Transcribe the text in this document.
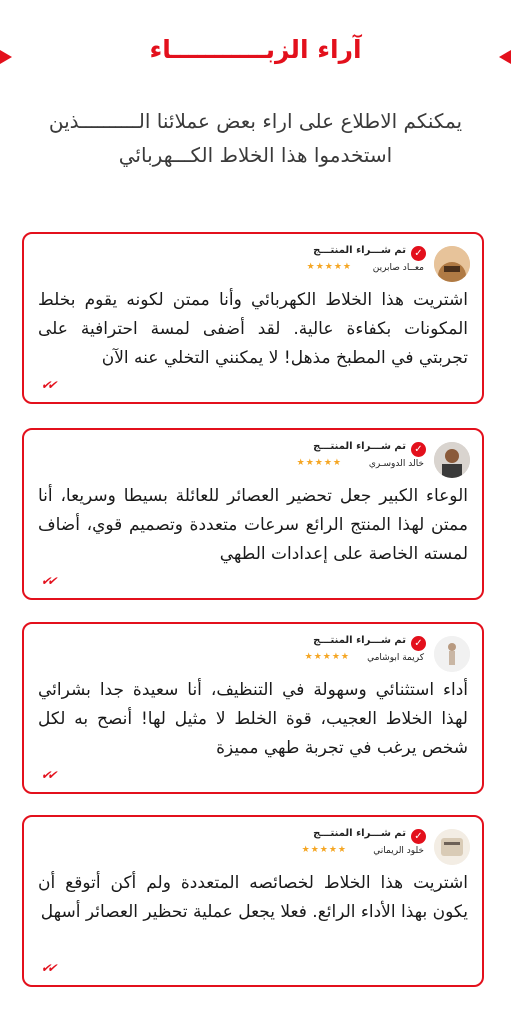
آراء الزبـــــــــــاء
يمكنكم الاطلاع على اراء بعض عملائنا الــــــــــذين استخدموا هذا الخلاط الكـــهربائي
✓
تم شـــراء المنتـــج
معــاد صابرين
★★★★★
اشتريت هذا الخلاط الكهربائي وأنا ممتن لكونه يقوم بخلط المكونات بكفاءة عالية. لقد أضفى لمسة احترافية على تجربتي في المطبخ مذهل! لا يمكنني التخلي عنه الآن
✔✔
✓
تم شـــراء المنتـــج
خالد الدوسـري
★★★★★
الوعاء الكبير جعل تحضير العصائر للعائلة بسيطا وسريعا، أنا ممتن لهذا المنتج الرائع سرعات متعددة وتصميم قوي، أضاف لمسته الخاصة على إعدادات الطهي
✔✔
✓
تم شـــراء المنتـــج
كريمة ابوشامي
★★★★★
أداء استثنائي وسهولة في التنظيف، أنا سعيدة جدا بشرائي لهذا الخلاط العجيب، قوة الخلط لا مثيل لها! أنصح به لكل شخص يرغب في تجربة طهي مميزة
✔✔
✓
تم شـــراء المنتـــج
خلود الريماني
★★★★★
اشتريت هذا الخلاط لخصائصه المتعددة ولم أكن أتوقع أن يكون بهذا الأداء الرائع. فعلا يجعل عملية تحظير العصائر أسهل
✔✔
